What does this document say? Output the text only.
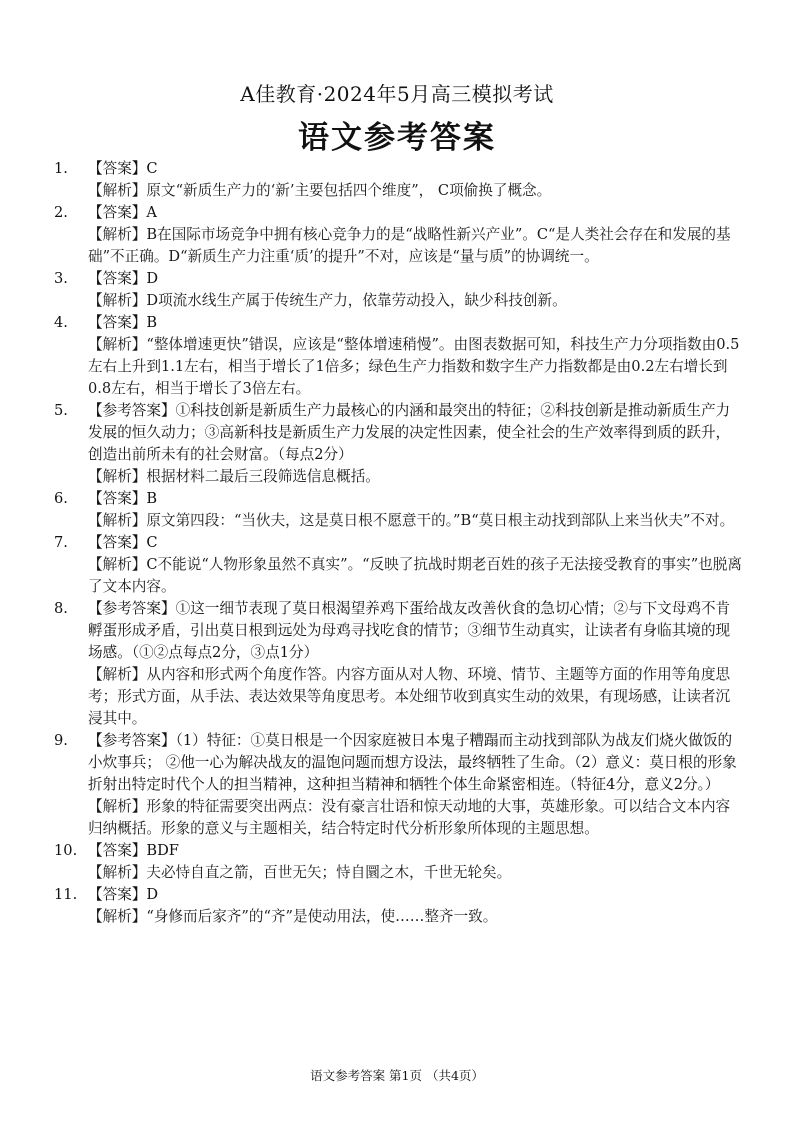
A佳教育·2024年5月高三模拟考试
语文参考答案
1. 【答案】C

【解析】原文“新质生产力的‘新’主要包括四个维度”， C项偷换了概念。

2. 【答案】A

【解析】B在国际市场竞争中拥有核心竞争力的是“战略性新兴产业”。C“是人类社会存在和发展的基础”不正确。D“新质生产力注重‘质’的提升”不对，应该是“量与质”的协调统一。

3. 【答案】D

【解析】D项流水线生产属于传统生产力，依靠劳动投入，缺少科技创新。

4. 【答案】B

【解析】“整体增速更快”错误，应该是“整体增速稍慢”。由图表数据可知，科技生产力分项指数由0.5左右上升到1.1左右，相当于增长了1倍多；绿色生产力指数和数字生产力指数都是由0.2左右增长到0.8左右，相当于增长了3倍左右。

5. 【参考答案】①科技创新是新质生产力最核心的内涵和最突出的特征；②科技创新是推动新质生产力发展的恒久动力；③高新科技是新质生产力发展的决定性因素，使全社会的生产效率得到质的跃升，创造出前所未有的社会财富。（每点2分）

【解析】根据材料二最后三段筛选信息概括。

6. 【答案】B

【解析】原文第四段：“当伙夫，这是莫日根不愿意干的。”B“莫日根主动找到部队上来当伙夫”不对。

7. 【答案】C

【解析】C不能说“人物形象虽然不真实”。“反映了抗战时期老百姓的孩子无法接受教育的事实”也脱离了文本内容。

8. 【参考答案】①这一细节表现了莫日根渴望养鸡下蛋给战友改善伙食的急切心情；②与下文母鸡不肯孵蛋形成矛盾，引出莫日根到远处为母鸡寻找吃食的情节；③细节生动真实，让读者有身临其境的现场感。（①②点每点2分，③点1分）

【解析】从内容和形式两个角度作答。内容方面从对人物、环境、情节、主题等方面的作用等角度思考；形式方面，从手法、表达效果等角度思考。本处细节收到真实生动的效果，有现场感，让读者沉浸其中。

9. 【参考答案】（1）特征：①莫日根是一个因家庭被日本鬼子糟蹋而主动找到部队为战友们烧火做饭的小炊事兵； ②他一心为解决战友的温饱问题而想方设法，最终牺牲了生命。（2）意义：莫日根的形象折射出特定时代个人的担当精神，这种担当精神和牺牲个体生命紧密相连。（特征4分，意义2分。）

【解析】形象的特征需要突出两点：没有豪言壮语和惊天动地的大事，英雄形象。可以结合文本内容归纳概括。形象的意义与主题相关，结合特定时代分析形象所体现的主题思想。

10. 【答案】BDF

【解析】夫必恃自直之箭，百世无矢；恃自圜之木，千世无轮矣。

11. 【答案】D

【解析】“身修而后家齐”的“齐”是使动用法，使……整齐一致。

语文参考答案 第1页 （共4页）
